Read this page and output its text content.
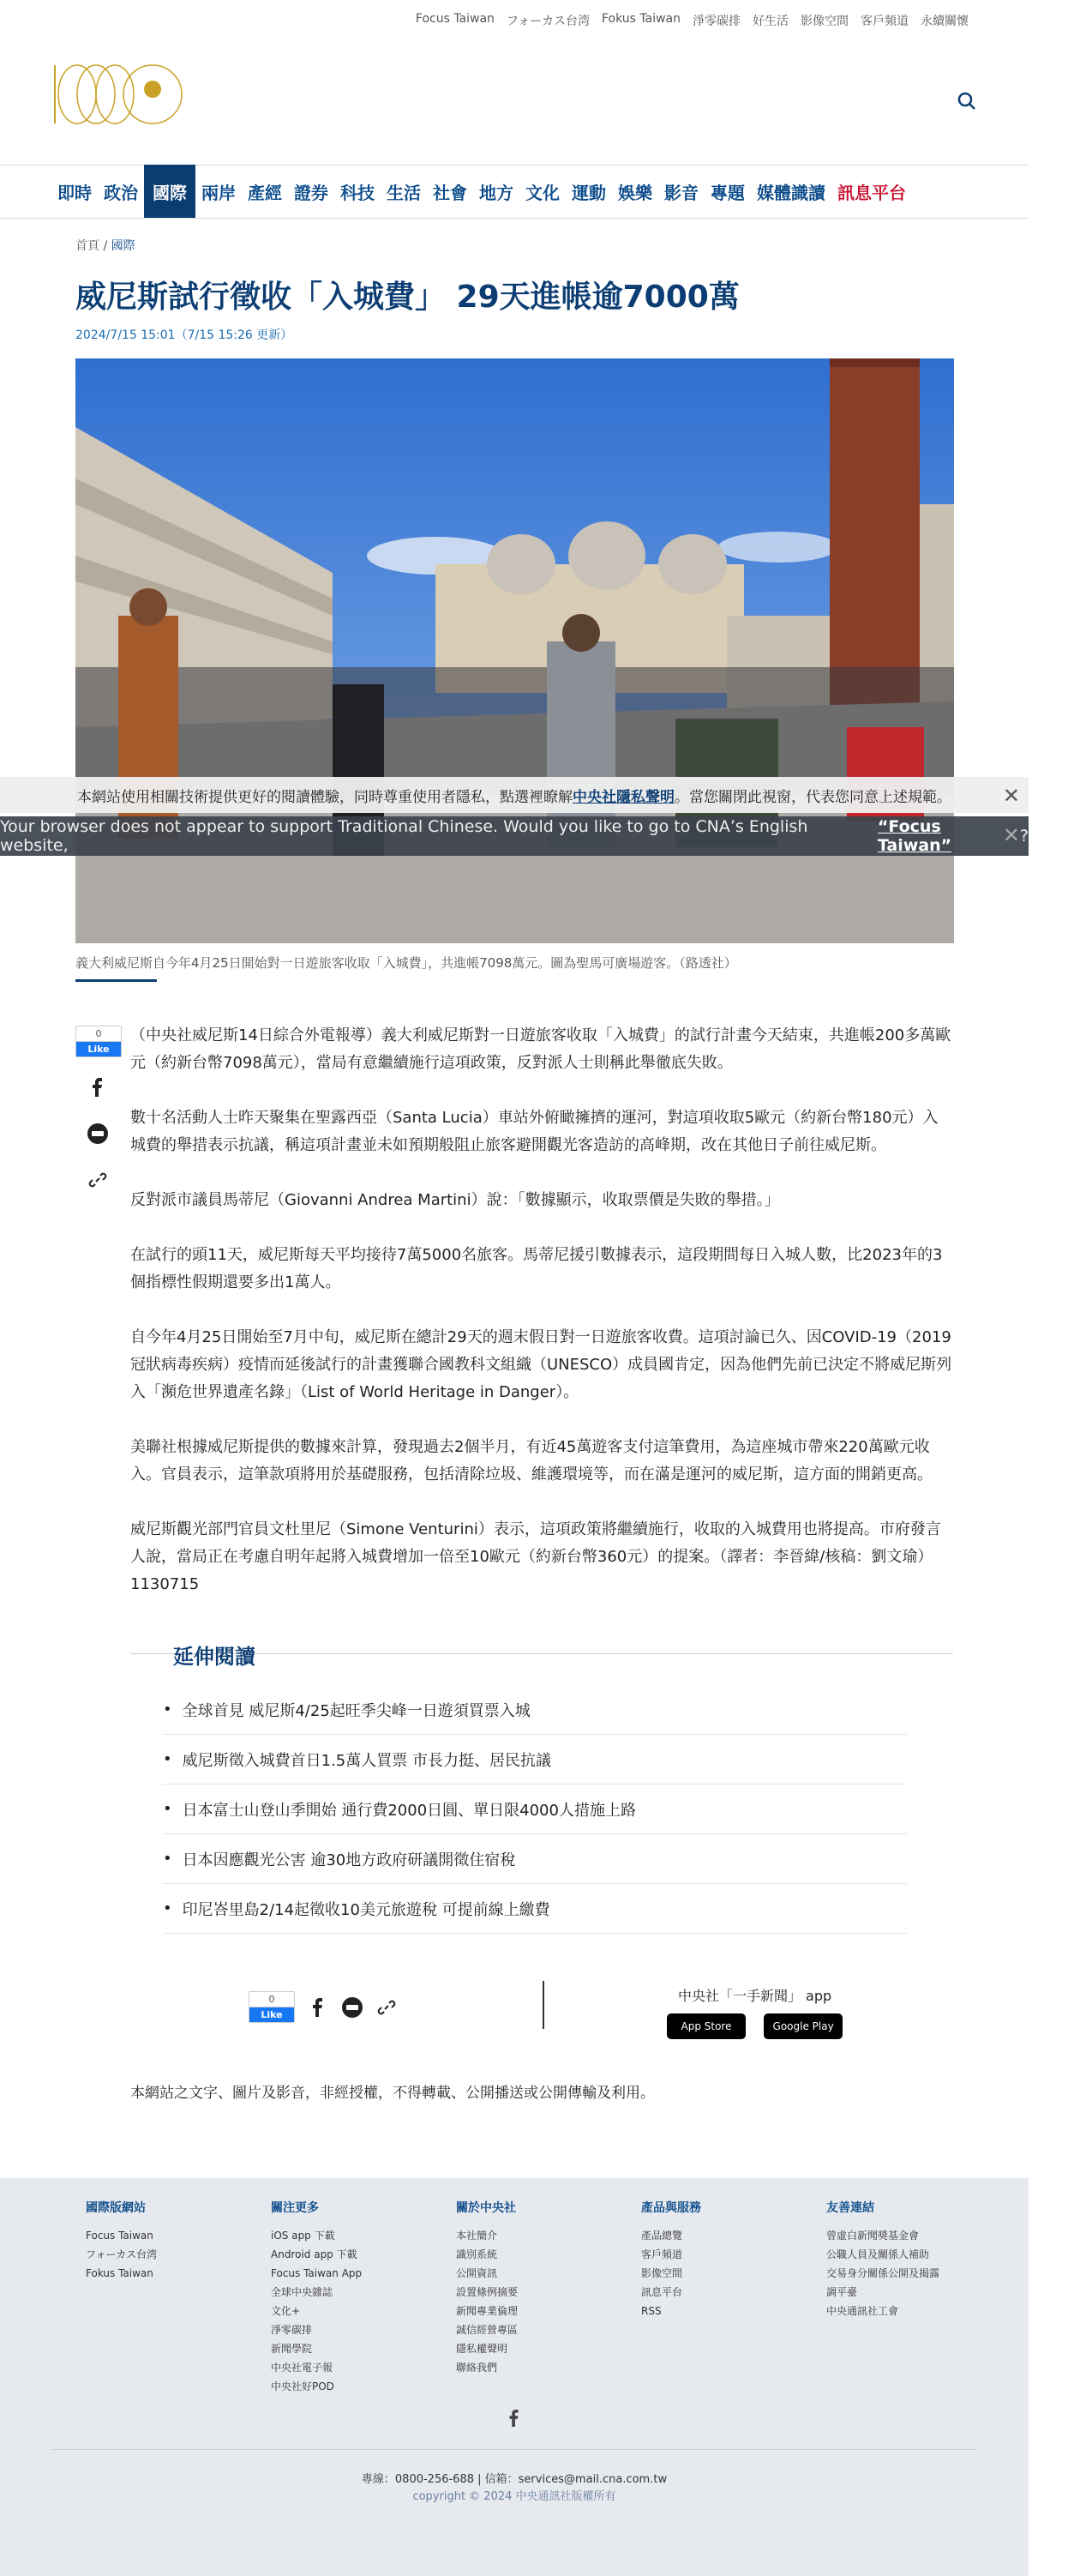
Focus Taiwan フォーカス台湾 Fokus Taiwan 淨零碳排 好生活 影像空間 客戶頻道 永續關懷
即時 政治 國際 兩岸 產經 證券 科技 生活 社會 地方 文化 運動 娛樂 影音 專題 媒體識讀 訊息平台
首頁 / 國際
威尼斯試行徵收「入城費」 29天進帳逾7000萬
2024/7/15 15:01（7/15 15:26 更新）
本網站使用相關技術提供更好的閱讀體驗，同時尊重使用者隱私，點選裡瞭解 中央社隱私聲明 。當您關閉此視窗，代表您同意上述規範。 ✕
Your browser does not appear to support Traditional Chinese. Would you like to go to CNA’s English website,
“Focus Taiwan”	?
✕
義大利威尼斯自今年4月25日開始對一日遊旅客收取「入城費」，共進帳7098萬元。圖為聖馬可廣場遊客。（路透社）
0
Like

（中央社威尼斯14日綜合外電報導）義大利威尼斯對一日遊旅客收取「入城費」的試行計畫今天結束，共進帳200多萬歐元（約新台幣7098萬元），當局有意繼續施行這項政策，反對派人士則稱此舉徹底失敗。

數十名活動人士昨天聚集在聖露西亞（Santa Lucia）車站外俯瞰擁擠的運河，對這項收取5歐元（約新台幣180元）入城費的舉措表示抗議，稱這項計畫並未如預期般阻止旅客避開觀光客造訪的高峰期，改在其他日子前往威尼斯。

反對派市議員馬蒂尼（Giovanni Andrea Martini）說：「數據顯示，收取票價是失敗的舉措。」

在試行的頭11天，威尼斯每天平均接待7萬5000名旅客。馬蒂尼援引數據表示，這段期間每日入城人數，比2023年的3個指標性假期還要多出1萬人。

自今年4月25日開始至7月中旬，威尼斯在總計29天的週末假日對一日遊旅客收費。這項討論已久、因COVID-19（2019冠狀病毒疾病）疫情而延後試行的計畫獲聯合國教科文組織（UNESCO）成員國肯定，因為他們先前已決定不將威尼斯列入「瀕危世界遺產名錄」（List of World Heritage in Danger）。

美聯社根據威尼斯提供的數據來計算，發現過去2個半月，有近45萬遊客支付這筆費用，為這座城市帶來220萬歐元收入。官員表示，這筆款項將用於基礎服務，包括清除垃圾、維護環境等，而在滿是運河的威尼斯，這方面的開銷更高。

威尼斯觀光部門官員文杜里尼（Simone Venturini）表示，這項政策將繼續施行，收取的入城費用也將提高。市府發言人說，當局正在考慮自明年起將入城費增加一倍至10歐元（約新台幣360元）的提案。（譯者：李晉緯/核稿：劉文瑜）1130715

延伸閱讀
• 全球首見 威尼斯4/25起旺季尖峰一日遊須買票入城
• 威尼斯徵入城費首日1.5萬人買票 市長力挺、居民抗議
• 日本富士山登山季開始 通行費2000日圓、單日限4000人措施上路
• 日本因應觀光公害 逾30地方政府研議開徵住宿稅
• 印尼峇里島2/14起徵收10美元旅遊稅 可提前線上繳費
0
Like
中央社「一手新聞」 app
App Store	Google Play
本網站之文字、圖片及影音，非經授權，不得轉載、公開播送或公開傳輸及利用。
國際版網站
Focus Taiwan
フォーカス台湾
Fokus Taiwan
關注更多
iOS app 下載
Android app 下載
Focus Taiwan App
全球中央雜誌
文化+
淨零碳排
新聞學院
中央社電子報
中央社好POD
關於中央社
本社簡介
識別系統
公開資訊
設置條例摘要
新聞專業倫理
誠信經營專區
隱私權聲明
聯絡我們
產品與服務
產品總覽
客戶頻道
影像空間
訊息平台
RSS
友善連結
曾虛白新聞獎基金會
公職人員及關係人補助
交易身分關係公開及揭露
調平臺
中央通訊社工會
專線：0800-256-688 | 信箱：services@mail.cna.com.tw
copyright © 2024 中央通訊社版權所有
